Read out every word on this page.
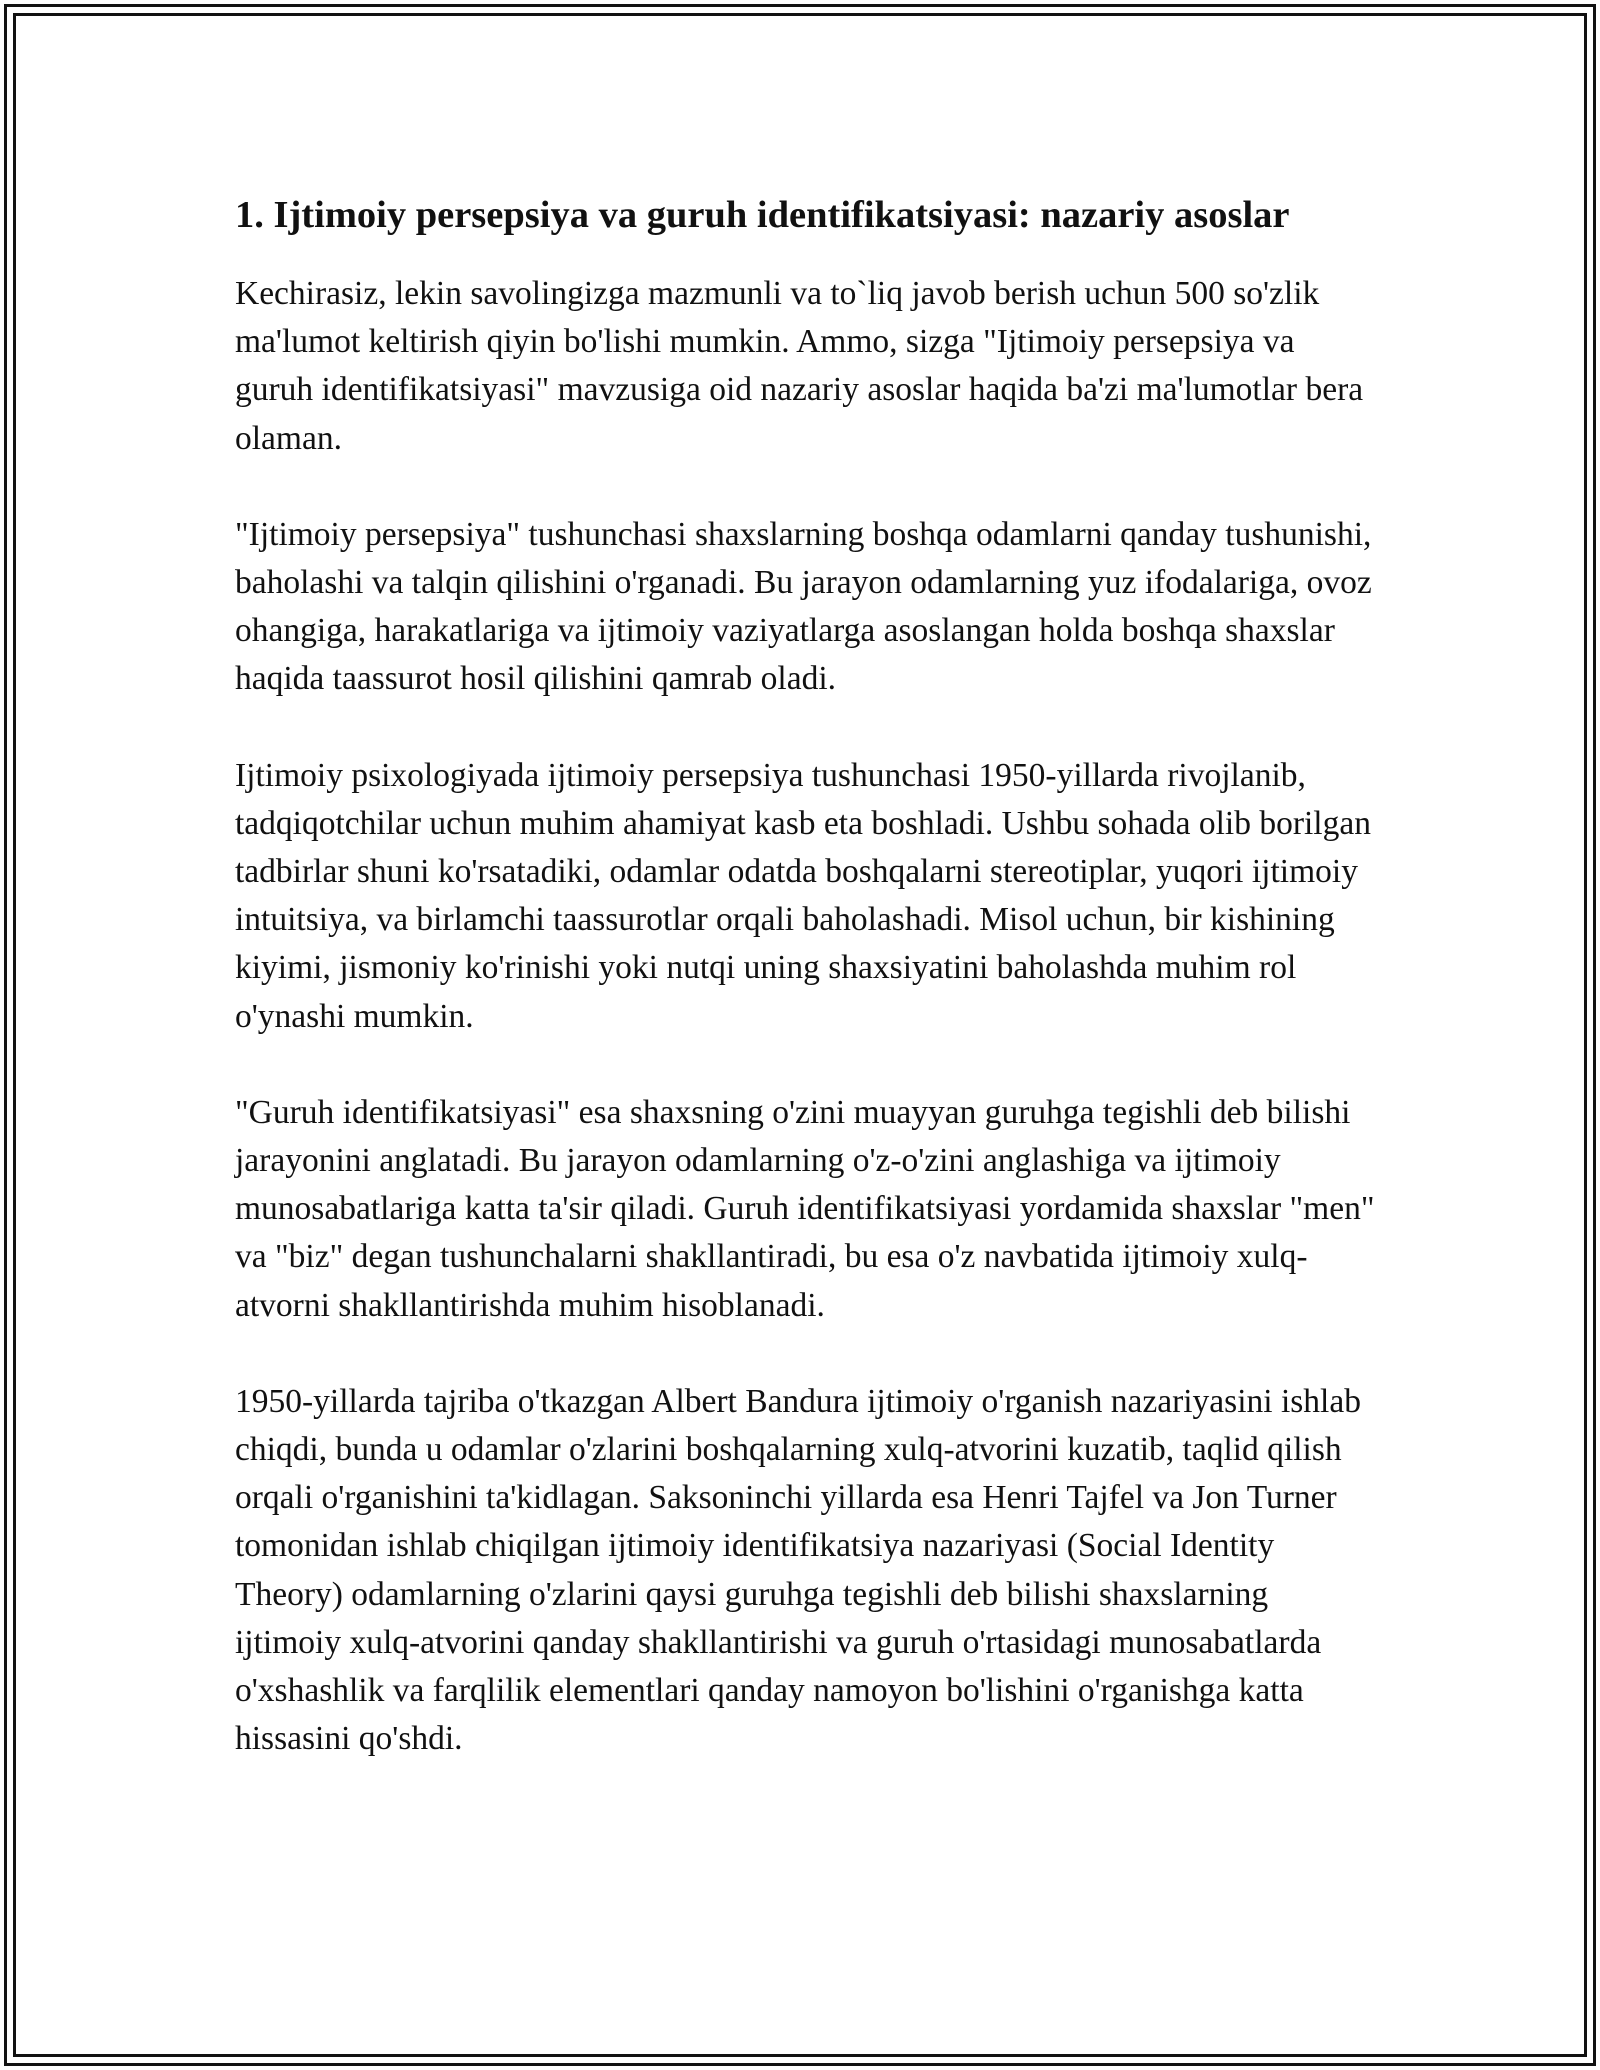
1. Ijtimoiy persepsiya va guruh identifikatsiyasi: nazariy asoslar

Kechirasiz, lekin savolingizga mazmunli va to`liq javob berish uchun 500 so'zlik ma'lumot keltirish qiyin bo'lishi mumkin. Ammo, sizga "Ijtimoiy persepsiya va guruh identifikatsiyasi" mavzusiga oid nazariy asoslar haqida ba'zi ma'lumotlar bera olaman.

"Ijtimoiy persepsiya" tushunchasi shaxslarning boshqa odamlarni qanday tushunishi, baholashi va talqin qilishini o'rganadi. Bu jarayon odamlarning yuz ifodalariga, ovoz ohangiga, harakatlariga va ijtimoiy vaziyatlarga asoslangan holda boshqa shaxslar haqida taassurot hosil qilishini qamrab oladi.

Ijtimoiy psixologiyada ijtimoiy persepsiya tushunchasi 1950-yillarda rivojlanib, tadqiqotchilar uchun muhim ahamiyat kasb eta boshladi. Ushbu sohada olib borilgan tadbirlar shuni ko'rsatadiki, odamlar odatda boshqalarni stereotiplar, yuqori ijtimoiy intuitsiya, va birlamchi taassurotlar orqali baholashadi. Misol uchun, bir kishining kiyimi, jismoniy ko'rinishi yoki nutqi uning shaxsiyatini baholashda muhim rol o'ynashi mumkin.

"Guruh identifikatsiyasi" esa shaxsning o'zini muayyan guruhga tegishli deb bilishi jarayonini anglatadi. Bu jarayon odamlarning o'z-o'zini anglashiga va ijtimoiy munosabatlariga katta ta'sir qiladi. Guruh identifikatsiyasi yordamida shaxslar "men" va "biz" degan tushunchalarni shakllantiradi, bu esa o'z navbatida ijtimoiy xulq-atvorni shakllantirishda muhim hisoblanadi.

1950-yillarda tajriba o'tkazgan Albert Bandura ijtimoiy o'rganish nazariyasini ishlab chiqdi, bunda u odamlar o'zlarini boshqalarning xulq-atvorini kuzatib, taqlid qilish orqali o'rganishini ta'kidlagan. Saksoninchi yillarda esa Henri Tajfel va Jon Turner tomonidan ishlab chiqilgan ijtimoiy identifikatsiya nazariyasi (Social Identity Theory) odamlarning o'zlarini qaysi guruhga tegishli deb bilishi shaxslarning ijtimoiy xulq-atvorini qanday shakllantirishi va guruh o'rtasidagi munosabatlarda o'xshashlik va farqlilik elementlari qanday namoyon bo'lishini o'rganishga katta hissasini qo'shdi.
